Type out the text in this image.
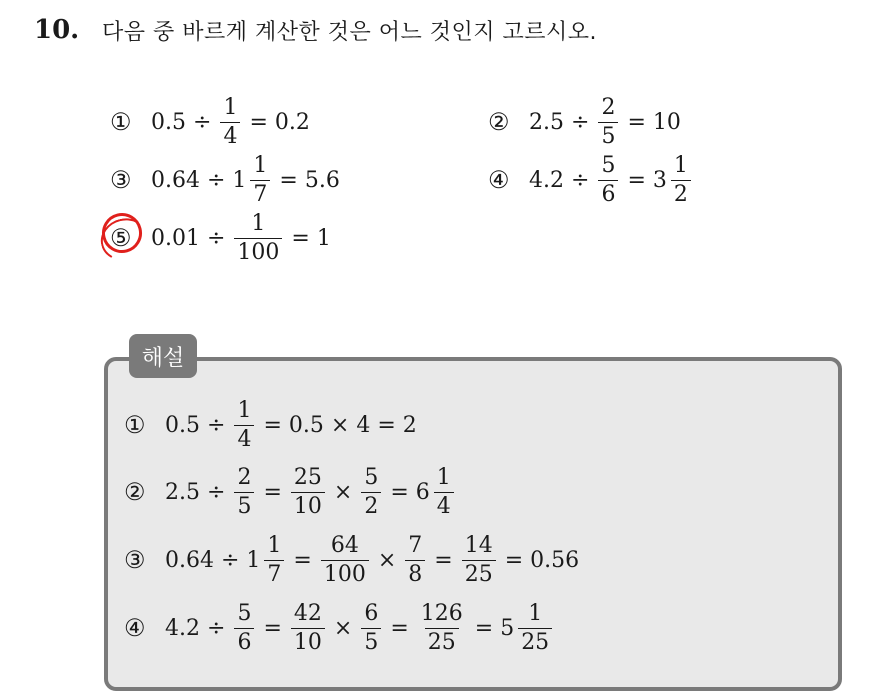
10.	다음 중 바르게 계산한 것은 어느 것인지 고르시오.
① $0.5 \div \frac{1}{4} = 0.2$	② $2.5 \div \frac{2}{5} = 10$
③ $0.64 \div 1 \frac{1}{7} = 5.6$	④ $4.2 \div \frac{5}{6} = 3 \frac{1}{2}$
⑤ $0.01 \div \frac{1}{100} = 1$
해설
① $0.5 \div \frac{1}{4} = 0.5 \times 4 = 2$
② $2.5 \div \frac{2}{5} = \frac{25}{10} \times \frac{5}{2} = 6 \frac{1}{4}$
③ $0.64 \div 1 \frac{1}{7} = \frac{64}{100} \times \frac{7}{8} = \frac{14}{25} = 0.56$
④ $4.2 \div \frac{5}{6} = \frac{42}{10} \times \frac{6}{5} = \frac{126}{25} = 5 \frac{1}{25}$
